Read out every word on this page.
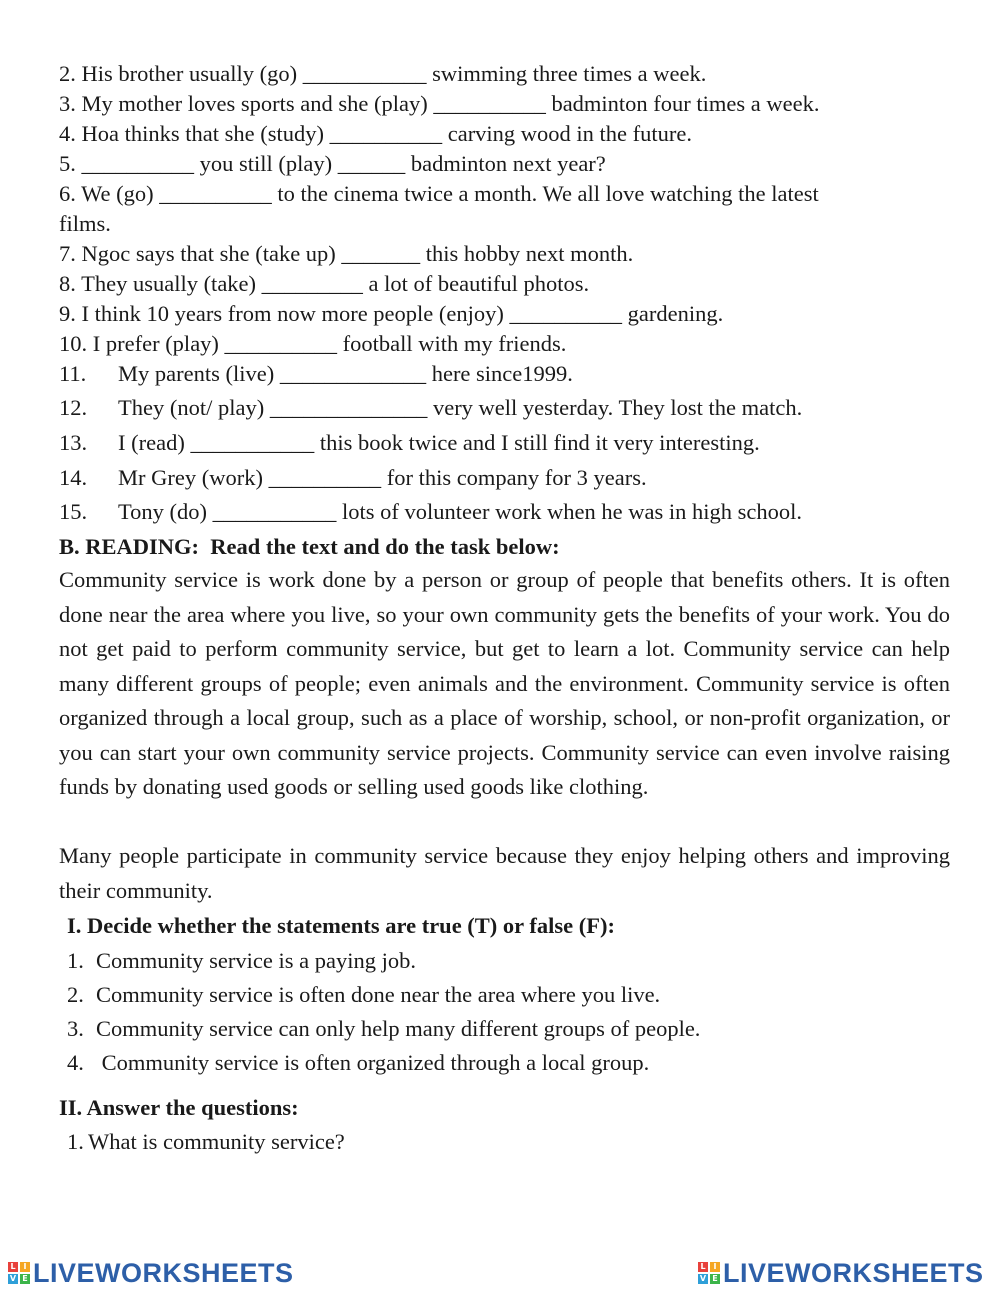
2. His brother usually (go) ___________ swimming three times a week.

3. My mother loves sports and she (play) __________ badminton four times a week.

4. Hoa thinks that she (study) __________ carving wood in the future.

5. __________ you still (play) ______ badminton next year?

6. We (go) __________ to the cinema twice a month. We all love watching the latest

films.

7. Ngoc says that she (take up) _______ this hobby next month.

8. They usually (take) _________ a lot of beautiful photos.

9. I think 10 years from now more people (enjoy) __________ gardening.

10. I prefer (play) __________ football with my friends.

11. My parents (live) _____________ here since1999.
12. They (not/ play) ______________ very well yesterday. They lost the match.
13. I (read) ___________ this book twice and I still find it very interesting.
14. Mr Grey (work) __________ for this company for 3 years.
15. Tony (do) ___________ lots of volunteer work when he was in high school.
B. READING:  Read the text and do the task below:

Community service is work done by a person or group of people that benefits others. It is often done near the area where you live, so your own community gets the benefits of your work. You do not get paid to perform community service, but get to learn a lot. Community service can help many different groups of people; even animals and the environment. Community service is often organized through a local group, such as a place of worship, school, or non-profit organization, or you can start your own community service projects. Community service can even involve raising funds by donating used goods or selling used goods like clothing.

Many people participate in community service because they enjoy helping others and improving their community.

I. Decide whether the statements are true (T) or false (F):
1. Community service is a paying job.
2. Community service is often done near the area where you live.
3. Community service can only help many different groups of people.
4. Community service is often organized through a local group.
II. Answer the questions:
1. What is community service?
L I
V E LIVEWORKSHEETS	L I
V E LIVEWORKSHEETS
